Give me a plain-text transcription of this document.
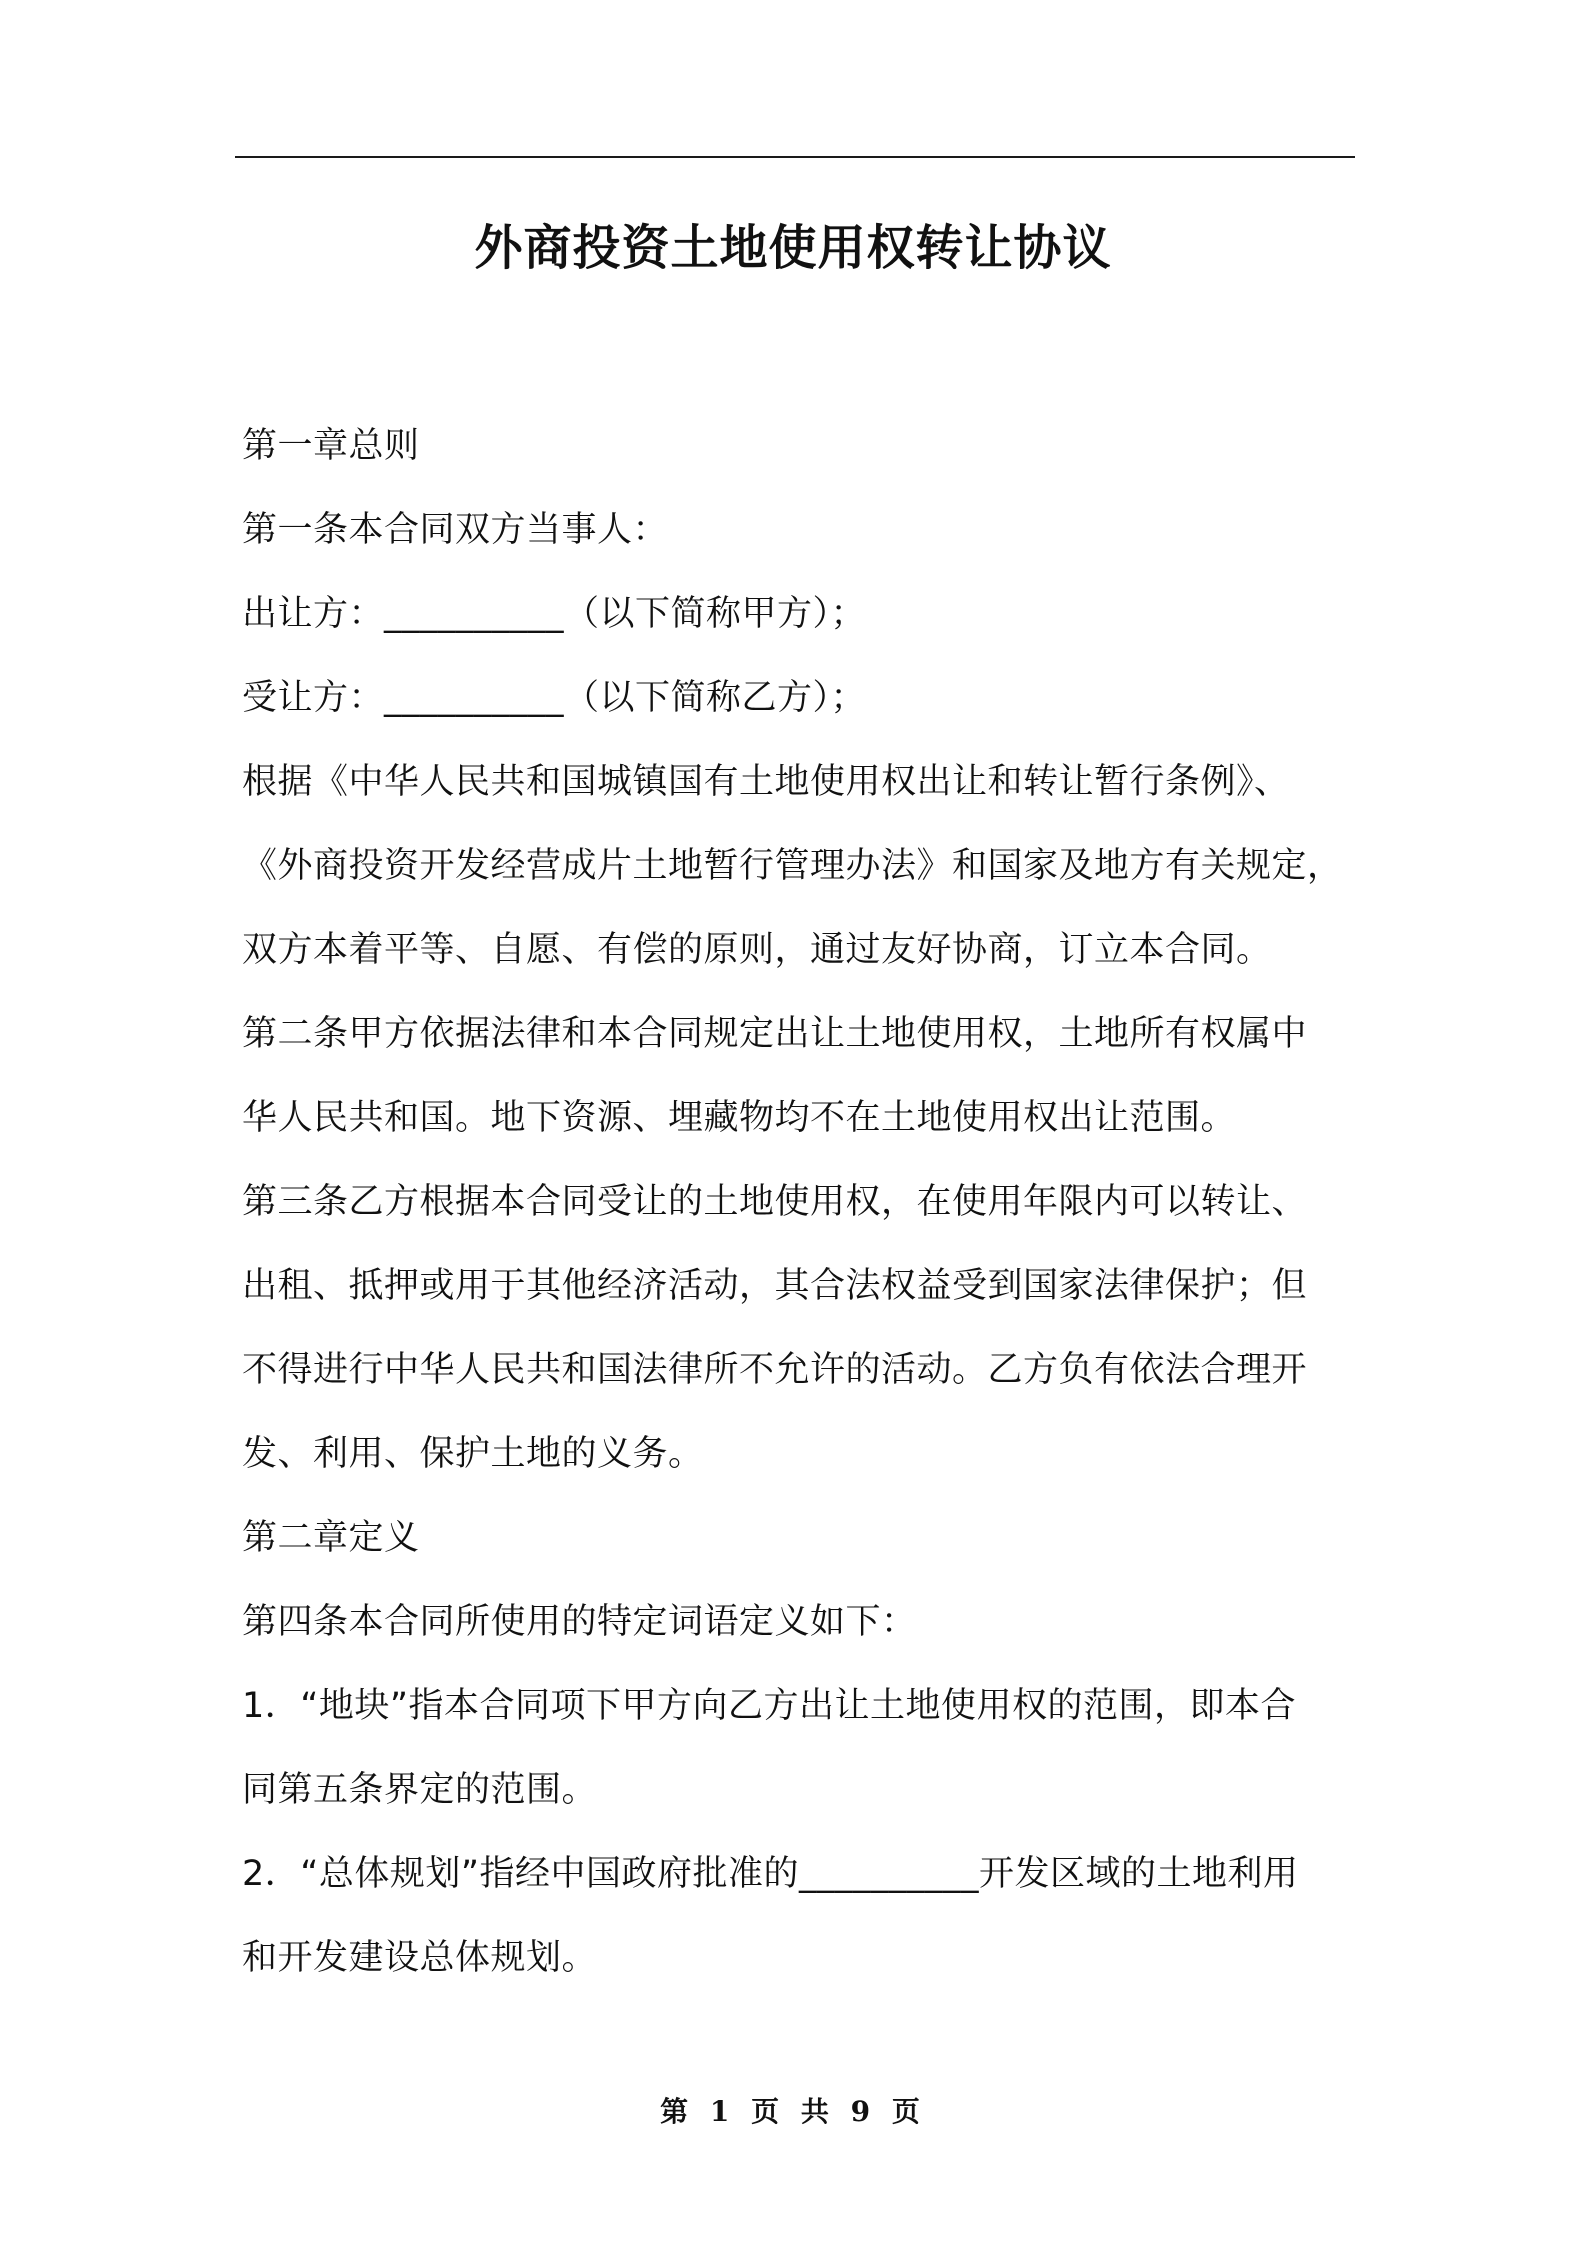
外商投资土地使用权转让协议
第一章总则
第一条本合同双方当事人：
出让方：__________（以下简称甲方）；
受让方：__________（以下简称乙方）；
根据《中华人民共和国城镇国有土地使用权出让和转让暂行条例》、
《外商投资开发经营成片土地暂行管理办法》和国家及地方有关规定，
双方本着平等、自愿、有偿的原则，通过友好协商，订立本合同。
第二条甲方依据法律和本合同规定出让土地使用权，土地所有权属中
华人民共和国。地下资源、埋藏物均不在土地使用权出让范围。
第三条乙方根据本合同受让的土地使用权，在使用年限内可以转让、
出租、抵押或用于其他经济活动，其合法权益受到国家法律保护；但
不得进行中华人民共和国法律所不允许的活动。乙方负有依法合理开
发、利用、保护土地的义务。
第二章定义
第四条本合同所使用的特定词语定义如下：
1．“地块”指本合同项下甲方向乙方出让土地使用权的范围，即本合
同第五条界定的范围。
2．“总体规划”指经中国政府批准的__________开发区域的土地利用
和开发建设总体规划。
第 1 页 共 9 页
